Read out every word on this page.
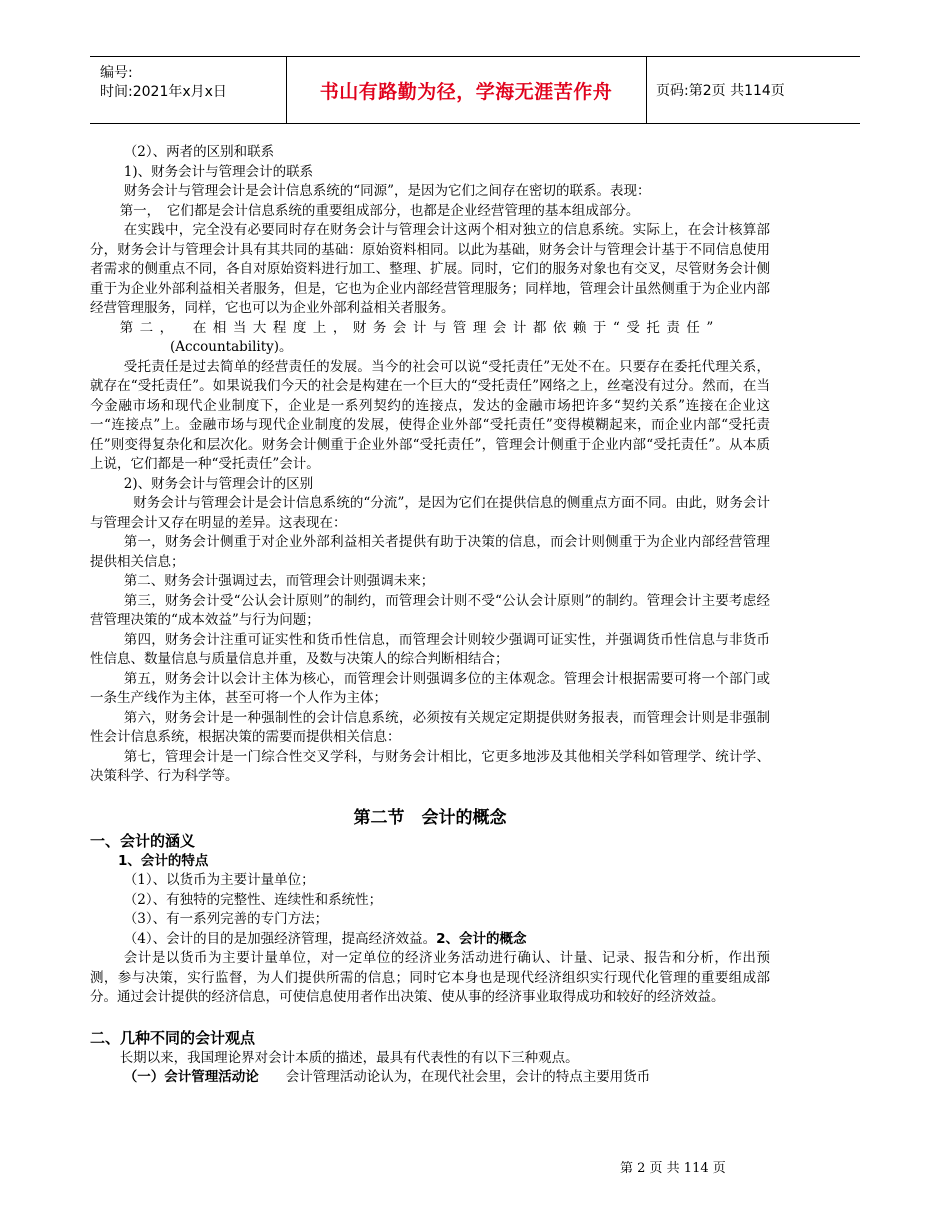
编号:
时间:2021年x月x日	书山有路勤为径，学海无涯苦作舟	页码:第2页 共114页

（2）、两者的区别和联系

1)、财务会计与管理会计的联系

财务会计与管理会计是会计信息系统的“同源”，是因为它们之间存在密切的联系。表现：

第一，　它们都是会计信息系统的重要组成部分，也都是企业经营管理的基本组成部分。

在实践中，完全没有必要同时存在财务会计与管理会计这两个相对独立的信息系统。实际上，在会计核算部分，财务会计与管理会计具有其共同的基础：原始资料相同。以此为基础，财务会计与管理会计基于不同信息使用者需求的侧重点不同，各自对原始资料进行加工、整理、扩展。同时，它们的服务对象也有交叉，尽管财务会计侧重于为企业外部利益相关者服务，但是，它也为企业内部经营管理服务；同样地，管理会计虽然侧重于为企业内部经营管理服务，同样，它也可以为企业外部利益相关者服务。

第二，　在相当大程度上，财务会计与管理会计都依赖于“受托责任”

(Accountability)。

受托责任是过去简单的经营责任的发展。当今的社会可以说“受托责任”无处不在。只要存在委托代理关系，就存在“受托责任”。如果说我们今天的社会是构建在一个巨大的“受托责任”网络之上，丝毫没有过分。然而，在当今金融市场和现代企业制度下，企业是一系列契约的连接点，发达的金融市场把许多“契约关系”连接在企业这一“连接点”上。金融市场与现代企业制度的发展，使得企业外部“受托责任”变得模糊起来，而企业内部“受托责任”则变得复杂化和层次化。财务会计侧重于企业外部“受托责任”，管理会计侧重于企业内部“受托责任”。从本质上说，它们都是一种“受托责任”会计。

2)、财务会计与管理会计的区别

财务会计与管理会计是会计信息系统的“分流”，是因为它们在提供信息的侧重点方面不同。由此，财务会计与管理会计又存在明显的差异。这表现在：

第一，财务会计侧重于对企业外部利益相关者提供有助于决策的信息，而会计则侧重于为企业内部经营管理提供相关信息；

第二、财务会计强调过去，而管理会计则强调未来；

第三，财务会计受“公认会计原则”的制约，而管理会计则不受“公认会计原则”的制约。管理会计主要考虑经营管理决策的“成本效益”与行为问题；

第四，财务会计注重可证实性和货币性信息，而管理会计则较少强调可证实性，并强调货币性信息与非货币性信息、数量信息与质量信息并重，及数与决策人的综合判断相结合；

第五，财务会计以会计主体为核心，而管理会计则强调多位的主体观念。管理会计根据需要可将一个部门或一条生产线作为主体，甚至可将一个人作为主体；

第六，财务会计是一种强制性的会计信息系统，必须按有关规定定期提供财务报表，而管理会计则是非强制性会计信息系统，根据决策的需要而提供相关信息：

第七，管理会计是一门综合性交叉学科，与财务会计相比，它更多地涉及其他相关学科如管理学、统计学、决策科学、行为科学等。

第二节　会计的概念

一、会计的涵义

1、会计的特点

（1）、以货币为主要计量单位；

（2）、有独特的完整性、连续性和系统性；

（3）、有一系列完善的专门方法；

（4）、会计的目的是加强经济管理，提高经济效益。2、会计的概念

会计是以货币为主要计量单位，对一定单位的经济业务活动进行确认、计量、记录、报告和分析，作出预测，参与决策，实行监督，为人们提供所需的信息；同时它本身也是现代经济组织实行现代化管理的重要组成部分。通过会计提供的经济信息，可使信息使用者作出决策、使从事的经济事业取得成功和较好的经济效益。

二、几种不同的会计观点

长期以来，我国理论界对会计本质的描述，最具有代表性的有以下三种观点。

（一）会计管理活动论　　会计管理活动论认为，在现代社会里，会计的特点主要用货币

第 2 页 共 114 页
